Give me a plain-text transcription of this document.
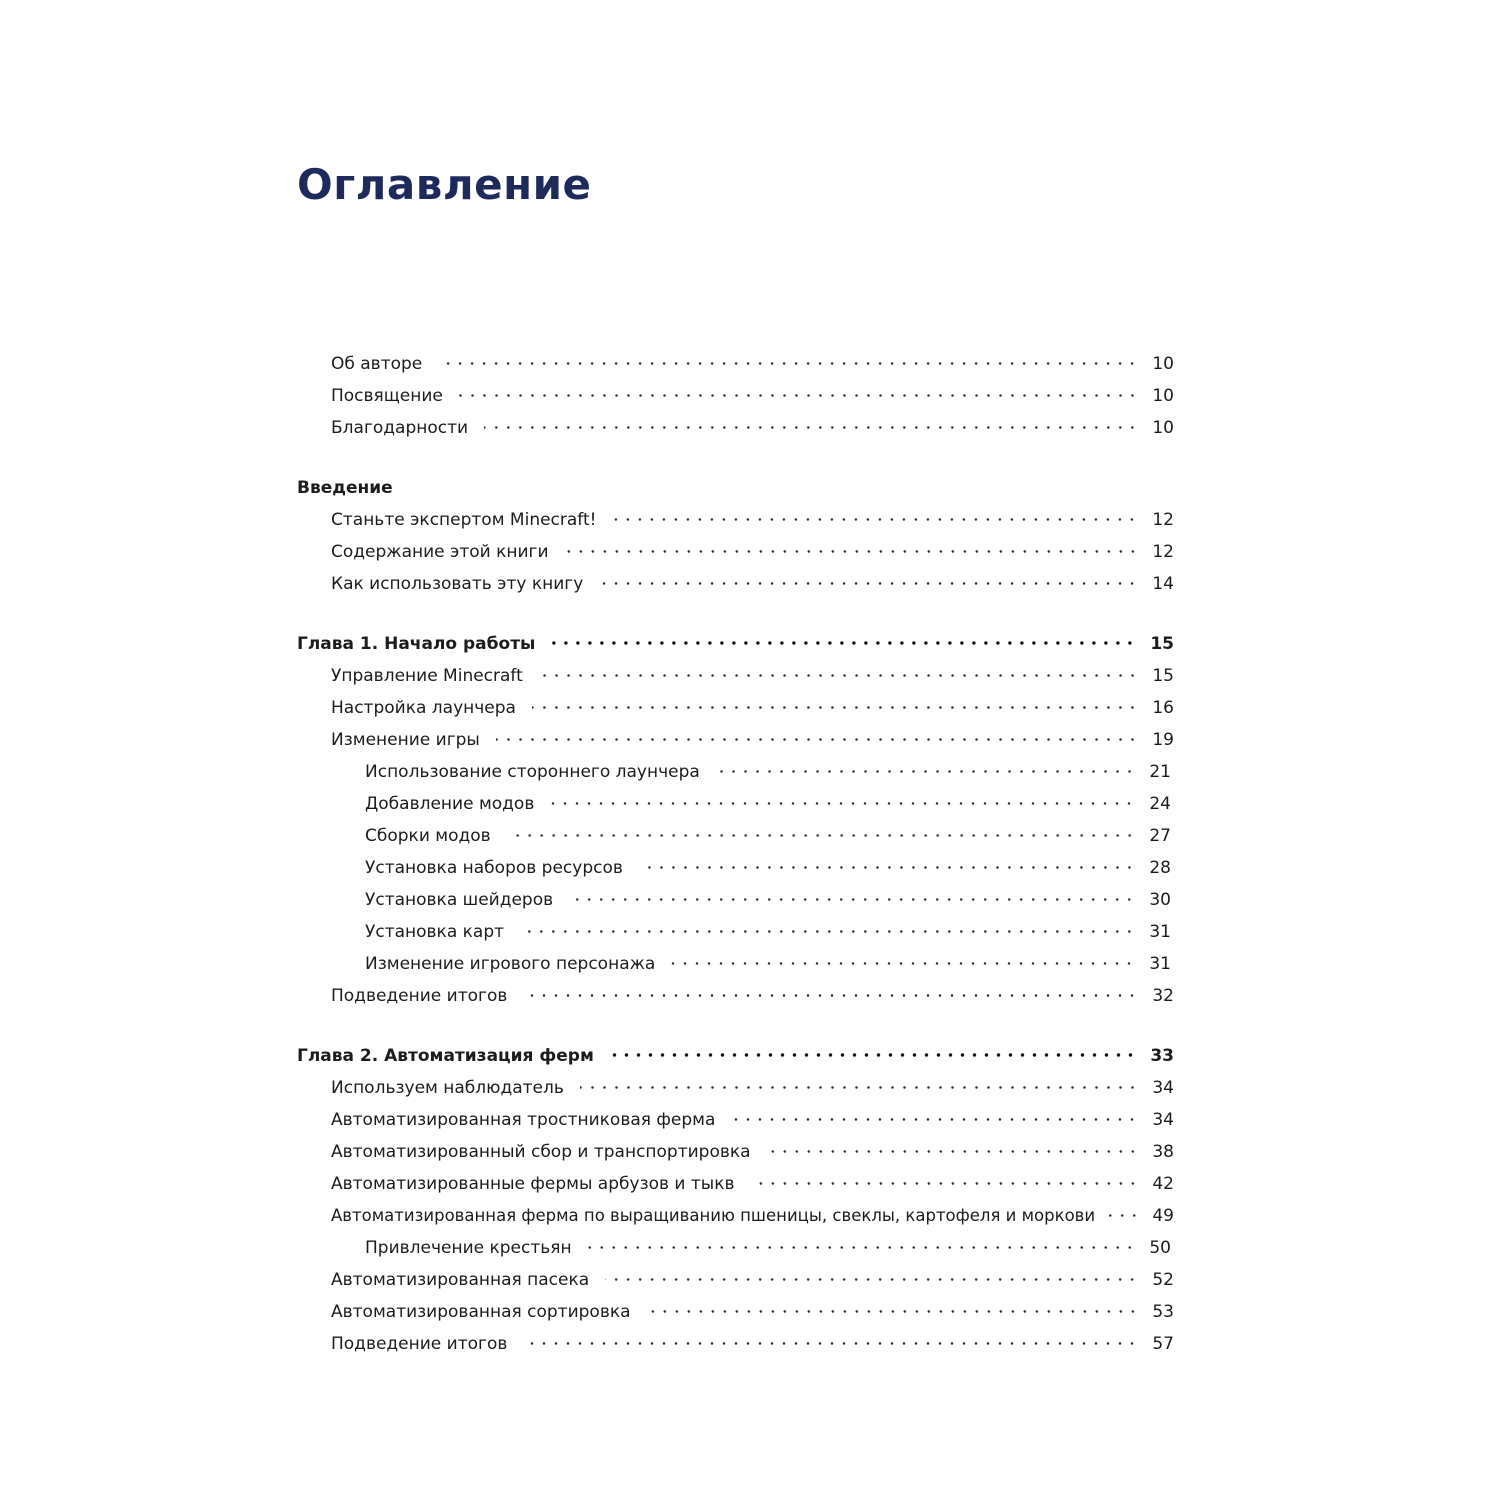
Оглавление
Об авторе	10
Посвящение	10
Благодарности	10
Введение
Станьте экспертом Minecraft!	12
Содержание этой книги	12
Как использовать эту книгу	14
Глава 1. Начало работы	15
Управление Minecraft	15
Настройка лаунчера	16
Изменение игры	19
Использование стороннего лаунчера	21
Добавление модов	24
Сборки модов	27
Установка наборов ресурсов	28
Установка шейдеров	30
Установка карт	31
Изменение игрового персонажа	31
Подведение итогов	32
Глава 2. Автоматизация ферм	33
Используем наблюдатель	34
Автоматизированная тростниковая ферма	34
Автоматизированный сбор и транспортировка	38
Автоматизированные фермы арбузов и тыкв	42
Автоматизированная ферма по выращиванию пшеницы, свеклы, картофеля и моркови	49
Привлечение крестьян	50
Автоматизированная пасека	52
Автоматизированная сортировка	53
Подведение итогов	57
